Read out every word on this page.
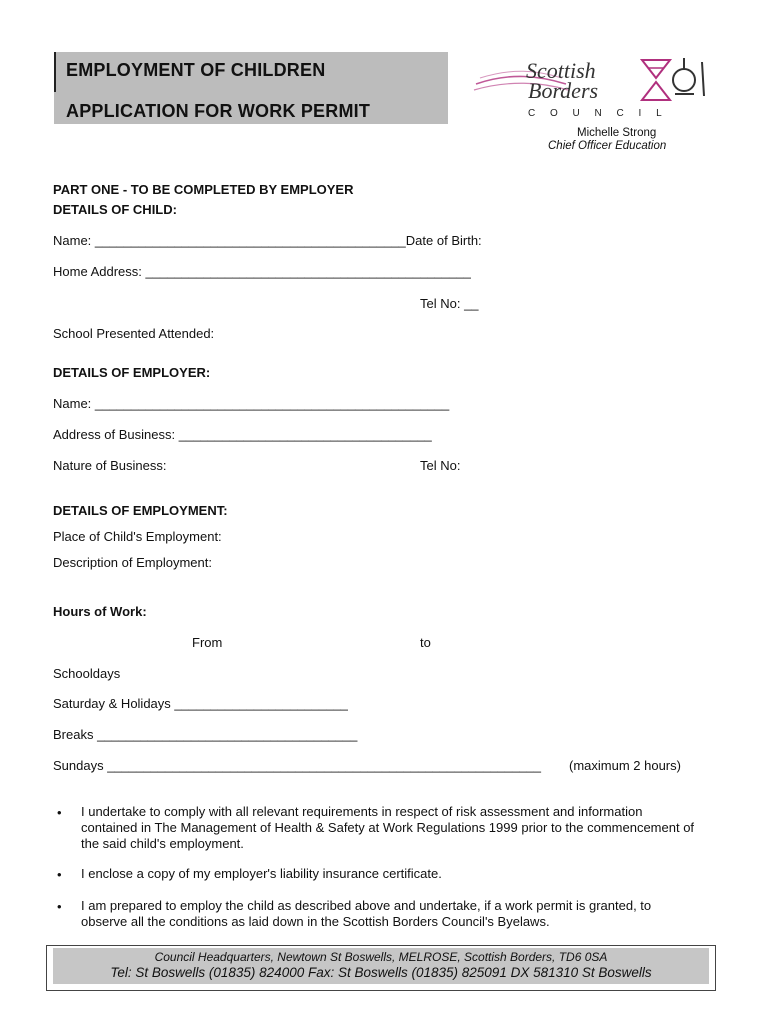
EMPLOYMENT OF CHILDREN
APPLICATION FOR WORK PERMIT
Scottish
Borders
C O U N C I L
Michelle Strong
Chief Officer Education
PART ONE - TO BE COMPLETED BY EMPLOYER
DETAILS OF CHILD:
Name: ___________________________________________Date of Birth:
Home Address: _____________________________________________
Tel No: __
School Presented Attended:
DETAILS OF EMPLOYER:
Name: _________________________________________________
Address of Business: ___________________________________
Nature of Business:	Tel No:
DETAILS OF EMPLOYMENT:
Place of Child's Employment:
Description of Employment:
Hours of Work:
From	to
Schooldays
Saturday & Holidays ________________________
Breaks ____________________________________
Sundays ____________________________________________________________ (maximum 2 hours)
• I undertake to comply with all relevant requirements in respect of risk assessment and information contained in The Management of Health & Safety at Work Regulations 1999 prior to the commencement of the said child's employment.
• I enclose a copy of my employer's liability insurance certificate.
• I am prepared to employ the child as described above and undertake, if a work permit is granted, to observe all the conditions as laid down in the Scottish Borders Council's Byelaws.
Council Headquarters, Newtown St Boswells, MELROSE, Scottish Borders, TD6 0SA
Tel: St Boswells (01835) 824000 Fax: St Boswells (01835) 825091 DX 581310 St Boswells
